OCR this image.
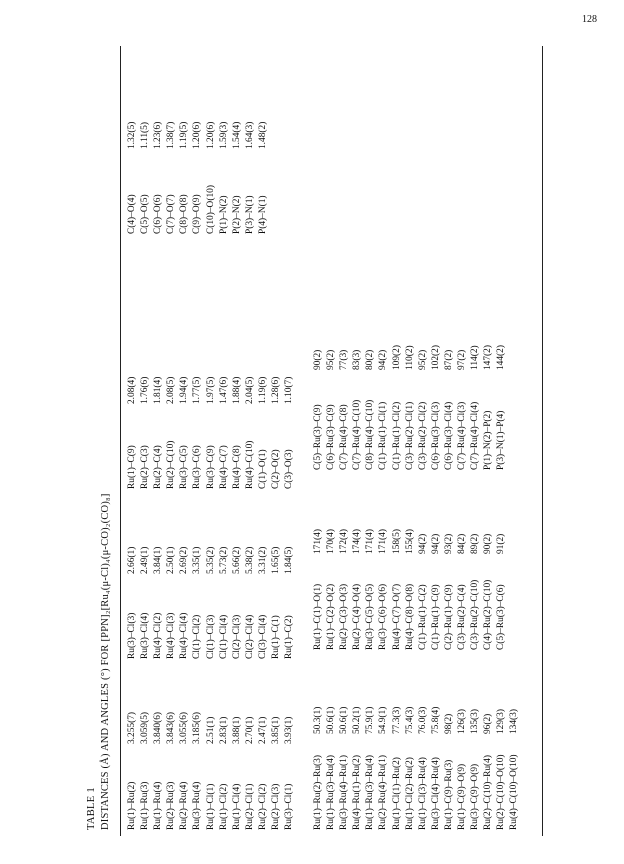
128
TABLE 1 DISTANCES (Å) AND ANGLES (°) FOR [PPN]₂[Ru₄(μ-Cl)₄(μ-CO)₂(CO)₈] Ru(1)–Ru(2)
3.255(7)
Ru(3)–Cl(3)
2.66(1)
Ru(1)–C(9)
2.08(4)
C(4)–O(4)
1.32(5)
Ru(1)–Ru(3)
3.059(5)
Ru(3)–Cl(4)
2.49(1)
Ru(2)–C(3)
1.76(6)
C(5)–O(5)
1.11(5)
Ru(1)–Ru(4)
3.840(6)
Ru(4)–Cl(2)
3.84(1)
Ru(2)–C(4)
1.81(4)
C(6)–O(6)
1.23(6)
Ru(2)–Ru(3)
3.843(6)
Ru(4)–Cl(3)
2.50(1)
Ru(2)–C(10)
2.08(5)
C(7)–O(7)
1.38(7)
Ru(2)–Ru(4)
3.055(6)
Ru(4)–Cl(4)
2.69(2)
Ru(3)–C(5)
1.94(4)
C(8)–O(8)
1.19(5)
Ru(3)–Ru(4)
3.185(6)
Cl(1)–Cl(2)
3.35(1)
Ru(3)–C(6)
1.77(5)
C(9)–O(9)
1.20(6)
Ru(1)–Cl(1)
2.51(1)
Cl(1)–Cl(3)
5.35(2)
Ru(3)–C(9)
1.97(5)
C(10)–O(10)
1.20(6)
Ru(1)–Cl(2)
2.83(1)
Cl(1)–Cl(4)
5.73(2)
Ru(4)–C(7)
1.47(6)
P(1)–N(2)
1.59(3)
Ru(1)–Cl(4)
3.88(1)
Cl(2)–Cl(3)
5.66(2)
Ru(4)–C(8)
1.88(4)
P(2)–N(2)
1.54(4)
Ru(2)–Cl(1)
2.70(1)
Cl(2)–Cl(4)
5.38(2)
Ru(4)–C(10)
2.04(5)
P(3)–N(1)
1.64(3)
Ru(2)–Cl(2)
2.47(1)
Cl(3)–Cl(4)
3.31(2)
C(1)–O(1)
1.19(6)
P(4)–N(1)
1.48(2)
Ru(2)–Cl(3)
3.85(1)
Ru(1)–C(1)
1.65(5)
C(2)–O(2)
1.28(6)
Ru(3)–Cl(1)
3.93(1)
Ru(1)–C(2)
1.84(5)
C(3)–O(3)
1.10(7)
Ru(1)–Ru(2)–Ru(3)
50.3(1)
Ru(1)–C(1)–O(1)
171(4)
C(5)–Ru(3)–C(9)
90(2)
Ru(1)–Ru(3)–Ru(4)
50.6(1)
Ru(1)–C(2)–O(2)
170(4)
C(6)–Ru(3)–C(9)
95(2)
Ru(3)–Ru(4)–Ru(1)
50.6(1)
Ru(2)–C(3)–O(3)
172(4)
C(7)–Ru(4)–C(8)
77(3)
Ru(4)–Ru(1)–Ru(2)
50.2(1)
Ru(2)–C(4)–O(4)
174(4)
C(7)–Ru(4)–C(10)
83(3)
Ru(1)–Ru(3)–Ru(4)
75.9(1)
Ru(3)–C(5)–O(5)
171(4)
C(8)–Ru(4)–C(10)
80(2)
Ru(2)–Ru(4)–Ru(1)
54.9(1)
Ru(3)–C(6)–O(6)
171(4)
C(1)–Ru(1)–Cl(1)
94(2)
Ru(1)–Cl(1)–Ru(2)
77.3(3)
Ru(4)–C(7)–O(7)
158(5)
C(1)–Ru(1)–Cl(2)
109(2)
Ru(1)–Cl(2)–Ru(2)
75.4(3)
Ru(4)–C(8)–O(8)
155(4)
C(3)–Ru(2)–Cl(1)
110(2)
Ru(1)–Cl(3)–Ru(4)
76.0(3)
C(1)–Ru(1)–C(2)
94(2)
C(3)–Ru(2)–Cl(2)
95(2)
Ru(3)–Cl(4)–Ru(4)
75.8(4)
C(1)–Ru(1)–C(9)
94(2)
C(6)–Ru(3)–Cl(3)
102(2)
Ru(1)–C(9)–Ru(3)
98(2)
C(2)–Ru(1)–C(9)
93(2)
C(6)–Ru(3)–Cl(4)
87(2)
Ru(1)–C(9)–O(9)
126(3)
C(3)–Ru(2)–C(4)
84(2)
C(7)–Ru(4)–Cl(3)
97(2)
Ru(3)–C(9)–O(9)
135(3)
C(3)–Ru(2)–C(10)
89(2)
C(7)–Ru(4)–Cl(4)
114(2)
Ru(2)–C(10)–Ru(4)
96(2)
C(4)–Ru(2)–C(10)
90(2)
P(1)–N(2)–P(2)
147(2)
Ru(2)–C(10)–O(10)
129(3)
C(5)–Ru(3)–C(6)
91(2)
P(3)–N(1)–P(4)
144(2)
Ru(4)–C(10)–O(10)
134(3)
